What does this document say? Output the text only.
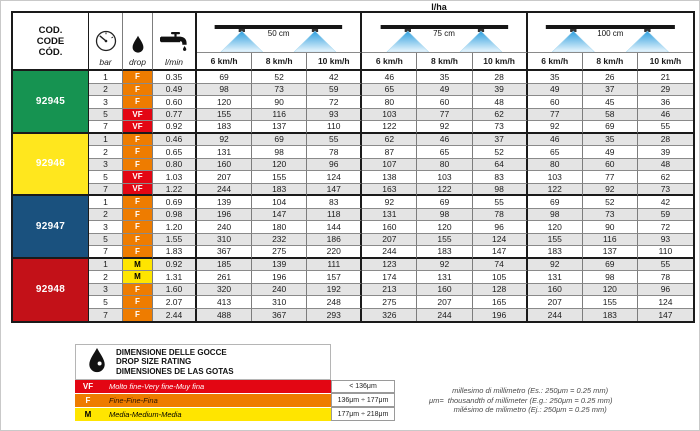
COD.
CODE
CÓD.
bar drop l/min
50 cm
6 km/h	8 km/h	10 km/h
75 cm
6 km/h	8 km/h	10 km/h
100 cm
6 km/h	8 km/h	10 km/h
92945
1	F	0.35	69	52	42	46	35	28	35	26	21
2	F	0.49	98	73	59	65	49	39	49	37	29
3	F	0.60	120	90	72	80	60	48	60	45	36
5	VF	0.77	155	116	93	103	77	62	77	58	46
7	VF	0.92	183	137	110	122	92	73	92	69	55
92946
1	F	0.46	92	69	55	62	46	37	46	35	28
2	F	0.65	131	98	78	87	65	52	65	49	39
3	F	0.80	160	120	96	107	80	64	80	60	48
5	VF	1.03	207	155	124	138	103	83	103	77	62
7	VF	1.22	244	183	147	163	122	98	122	92	73
92947
1	F	0.69	139	104	83	92	69	55	69	52	42
2	F	0.98	196	147	118	131	98	78	98	73	59
3	F	1.20	240	180	144	160	120	96	120	90	72
5	F	1.55	310	232	186	207	155	124	155	116	93
7	F	1.83	367	275	220	244	183	147	183	137	110
92948
1	M	0.92	185	139	111	123	92	74	92	69	55
2	M	1.31	261	196	157	174	131	105	131	98	78
3	F	1.60	320	240	192	213	160	128	160	120	96
5	F	2.07	413	310	248	275	207	165	207	155	124
7	F	2.44	488	367	293	326	244	196	244	183	147
l/ha
DIMENSIONE DELLE GOCCE
DROP SIZE RATING
DIMENSIONES DE LAS GOTAS
VF	Molto fine-Very fine-Muy fina	< 136μm
F	Fine-Fine-Fina	136μm ÷ 177μm
M	Media-Medium-Media	177μm ÷ 218μm
μm=
millesimo di millimetro (Es.: 250μm = 0.25 mm)
thousandth of millimeter (E.g.: 250μm = 0.25 mm)
milésimo de milimetro (Ej.: 250μm = 0.25 mm)
